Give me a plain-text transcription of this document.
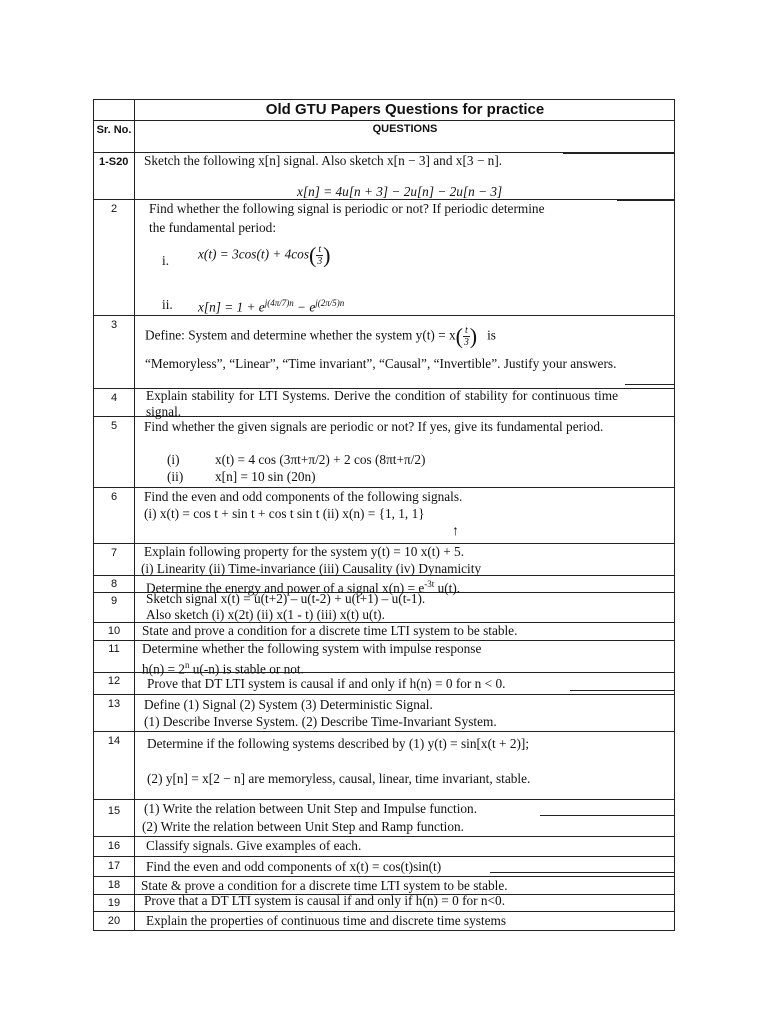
Old GTU Papers Questions for practice
Sr. No.	QUESTIONS
1-S20 Sketch the following x[n] signal. Also sketch x[n − 3] and x[3 − n].
x[n] = 4u[n + 3] − 2u[n] − 2u[n − 3]
2	Find whether the following signal is periodic or not? If periodic determine
the fundamental period:
i. $x(t) = 3\cos(t) + 4\cos( \frac{t}{3})$
ii. $x[n] = 1 + e^{j(4\pi/7)n} - e^{j(2\pi/5)n}$
3
Define: System and determine whether the system $y(t) = x( \frac{t}{3})$ is
“Memoryless”, “Linear”, “Time invariant”, “Causal”, “Invertible”. Justify your answers.
4	Explain stability for LTI Systems. Derive the condition of stability for continuous time signal.
5	Find whether the given signals are periodic or not? If yes, give its fundamental period.
(i)	x(t) = 4 cos (3πt+π/2) + 2 cos (8πt+π/2)
(ii) x[n] = 10 sin (20n)
6	Find the even and odd components of the following signals.
(i) x(t) = cos t + sin t + cos t sin t (ii) x(n) = {1, 1, 1}
↑
7	Explain following property for the system y(t) = 10 x(t) + 5.
(i) Linearity (ii) Time-invariance (iii) Causality (iv) Dynamicity
8	Determine the energy and power of a signal $x(n) = e^{-3t}$ u(t).
9	Sketch signal x(t) = u(t+2) – u(t-2) + u(t+1) – u(t-1).
Also sketch (i) x(2t) (ii) x(1 - t) (iii) x(t) u(t).
10	State and prove a condition for a discrete time LTI system to be stable.
11	Determine whether the following system with impulse response
$h(n) = 2^n$ u(-n) is stable or not.
12	Prove that DT LTI system is causal if and only if h(n) = 0 for n < 0.
13	Define (1) Signal (2) System (3) Deterministic Signal.
(1) Describe Inverse System. (2) Describe Time-Invariant System.
14	Determine if the following systems described by (1) y(t) = sin[x(t + 2)];
(2) y[n] = x[2 − n] are memoryless, causal, linear, time invariant, stable.
15	(1) Write the relation between Unit Step and Impulse function.
(2) Write the relation between Unit Step and Ramp function.
16	Classify signals. Give examples of each.
17	Find the even and odd components of x(t) = cos(t)sin(t)
18	State & prove a condition for a discrete time LTI system to be stable.
19	Prove that a DT LTI system is causal if and only if h(n) = 0 for n<0.
20	Explain the properties of continuous time and discrete time systems
